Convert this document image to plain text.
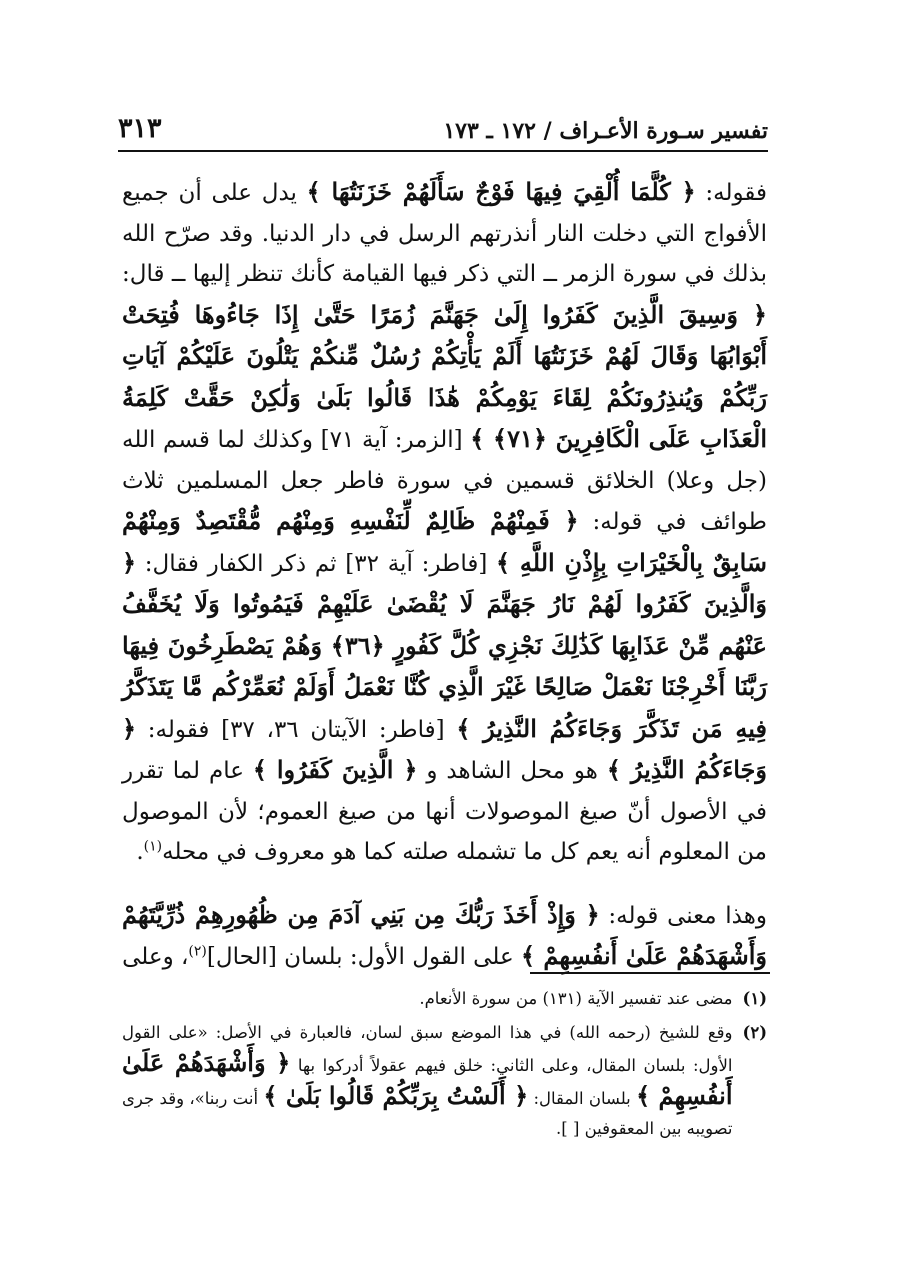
تفسير سـورة الأعـراف / ١٧٢ ـ ١٧٣
٣١٣

فقوله: ﴿ كُلَّمَا أُلْقِيَ فِيهَا فَوْجٌ سَأَلَهُمْ خَزَنَتُهَا ﴾ يدل على أن جميع الأفواج التي دخلت النار أنذرتهم الرسل في دار الدنيا. وقد صرّح الله بذلك في سورة الزمر ــ التي ذكر فيها القيامة كأنك تنظر إليها ــ قال: ﴿ وَسِيقَ الَّذِينَ كَفَرُوا إِلَىٰ جَهَنَّمَ زُمَرًا حَتَّىٰ إِذَا جَاءُوهَا فُتِحَتْ أَبْوَابُهَا وَقَالَ لَهُمْ خَزَنَتُهَا أَلَمْ يَأْتِكُمْ رُسُلٌ مِّنكُمْ يَتْلُونَ عَلَيْكُمْ آيَاتِ رَبِّكُمْ وَيُنذِرُونَكُمْ لِقَاءَ يَوْمِكُمْ هَٰذَا قَالُوا بَلَىٰ وَلَٰكِنْ حَقَّتْ كَلِمَةُ الْعَذَابِ عَلَى الْكَافِرِينَ ﴿٧١﴾ ﴾ [الزمر: آية ٧١] وكذلك لما قسم الله (جل وعلا) الخلائق قسمين في سورة فاطر جعل المسلمين ثلاث طوائف في قوله: ﴿ فَمِنْهُمْ ظَالِمٌ لِّنَفْسِهِ وَمِنْهُم مُّقْتَصِدٌ وَمِنْهُمْ سَابِقٌ بِالْخَيْرَاتِ بِإِذْنِ اللَّهِ ﴾ [فاطر: آية ٣٢] ثم ذكر الكفار فقال: ﴿ وَالَّذِينَ كَفَرُوا لَهُمْ نَارُ جَهَنَّمَ لَا يُقْضَىٰ عَلَيْهِمْ فَيَمُوتُوا وَلَا يُخَفَّفُ عَنْهُم مِّنْ عَذَابِهَا كَذَٰلِكَ نَجْزِي كُلَّ كَفُورٍ ﴿٣٦﴾ وَهُمْ يَصْطَرِخُونَ فِيهَا رَبَّنَا أَخْرِجْنَا نَعْمَلْ صَالِحًا غَيْرَ الَّذِي كُنَّا نَعْمَلُ أَوَلَمْ نُعَمِّرْكُم مَّا يَتَذَكَّرُ فِيهِ مَن تَذَكَّرَ وَجَاءَكُمُ النَّذِيرُ ﴾ [فاطر: الآيتان ٣٦، ٣٧] فقوله: ﴿ وَجَاءَكُمُ النَّذِيرُ ﴾ هو محل الشاهد و ﴿ الَّذِينَ كَفَرُوا ﴾ عام لما تقرر في الأصول أنّ صيغ الموصولات أنها من صيغ العموم؛ لأن الموصول من المعلوم أنه يعم كل ما تشمله صلته كما هو معروف في محله$^{(١)}$.

وهذا معنى قوله: ﴿ وَإِذْ أَخَذَ رَبُّكَ مِن بَنِي آدَمَ مِن ظُهُورِهِمْ ذُرِّيَّتَهُمْ وَأَشْهَدَهُمْ عَلَىٰ أَنفُسِهِمْ ﴾ على القول الأول: بلسان [الحال]$^{(٢)}$، وعلى

(١)
مضى عند تفسير الآية (١٣١) من سورة الأنعام.
(٢)
وقع للشيخ (رحمه الله) في هذا الموضع سبق لسان، فالعبارة في الأصل: «على القول الأول: بلسان المقال، وعلى الثاني: خلق فيهم عقولاً أدركوا بها ﴿ وَأَشْهَدَهُمْ عَلَىٰ أَنفُسِهِمْ ﴾ بلسان المقال: ﴿ أَلَسْتُ بِرَبِّكُمْ قَالُوا بَلَىٰ ﴾ أنت ربنا»، وقد جرى تصويبه بين المعقوفين [ ].
